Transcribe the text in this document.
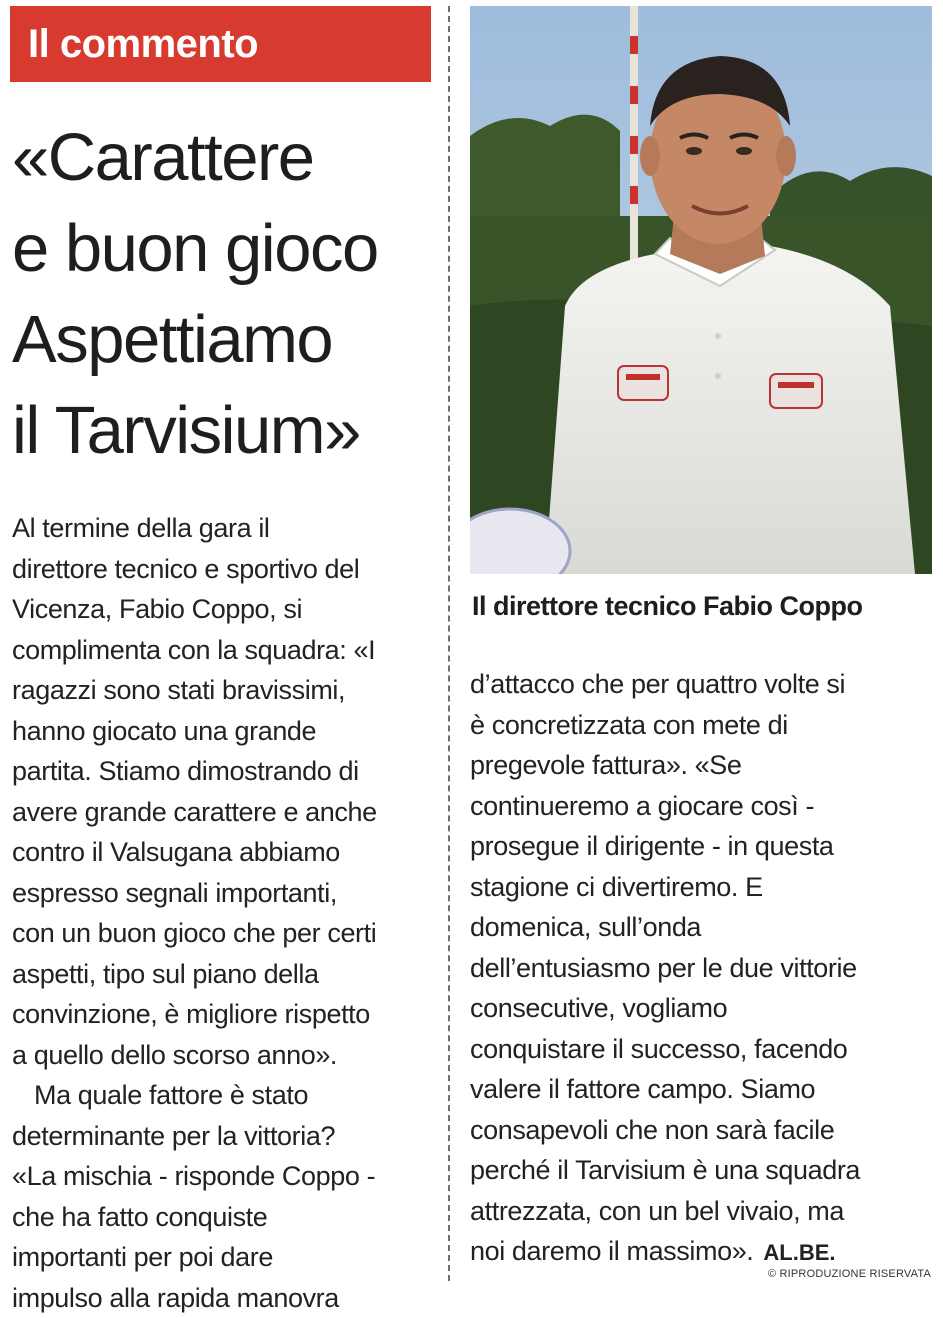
Il commento
«Carattere
e buon gioco
Aspettiamo
il Tarvisium»
Al termine della gara il
direttore tecnico e sportivo del
Vicenza, Fabio Coppo, si
complimenta con la squadra: «I
ragazzi sono stati bravissimi,
hanno giocato una grande
partita. Stiamo dimostrando di
avere grande carattere e anche
contro il Valsugana abbiamo
espresso segnali importanti,
con un buon gioco che per certi
aspetti, tipo sul piano della
convinzione, è migliore rispetto
a quello dello scorso anno».
Ma quale fattore è stato
determinante per la vittoria?
«La mischia - risponde Coppo -
che ha fatto conquiste
importanti per poi dare
impulso alla rapida manovra
Il direttore tecnico Fabio Coppo
d’attacco che per quattro volte si
è concretizzata con mete di
pregevole fattura». «Se
continueremo a giocare così -
prosegue il dirigente - in questa
stagione ci divertiremo. E
domenica, sull’onda
dell’entusiasmo per le due vittorie
consecutive, vogliamo
conquistare il successo, facendo
valere il fattore campo. Siamo
consapevoli che non sarà facile
perché il Tarvisium è una squadra
attrezzata, con un bel vivaio, ma
noi daremo il massimo». AL.BE.
© RIPRODUZIONE RISERVATA
